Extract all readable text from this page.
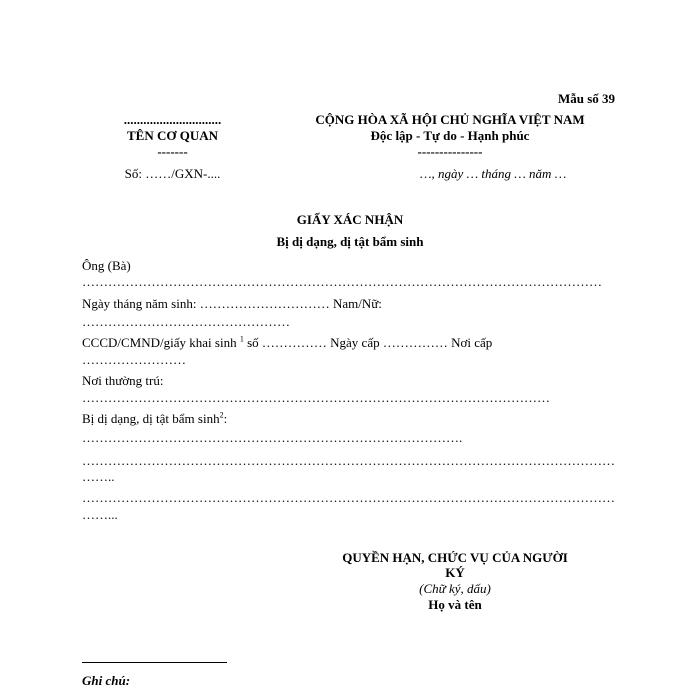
Mẫu số 39
..............................
TÊN CƠ QUAN
-------
Số: ……/GXN-....
CỘNG HÒA XÃ HỘI CHỦ NGHĨA VIỆT NAM
Độc lập - Tự do - Hạnh phúc
---------------
…, ngày … tháng … năm …
GIẤY XÁC NHẬN
Bị dị dạng, dị tật bẩm sinh
Ông (Bà)
…………………………………………………………………………………………………………
Ngày tháng năm sinh: ………………………… Nam/Nữ:
…………………………………………
CCCD/CMND/giấy khai sinh $^1$ số …………… Ngày cấp …………… Nơi cấp
……………………
Nơi thường trú:
………………………………………………………………………………………………
Bị dị dạng, dị tật bẩm $\sinh^2$:
…………………………………………………………………………….
……………………………………………………………………………………………………………
……..
……………………………………………………………………………………………………………
……...
QUYỀN HẠN, CHỨC VỤ CỦA NGƯỜI
KÝ
(Chữ ký, dấu)
Họ và tên
Ghi chú:
